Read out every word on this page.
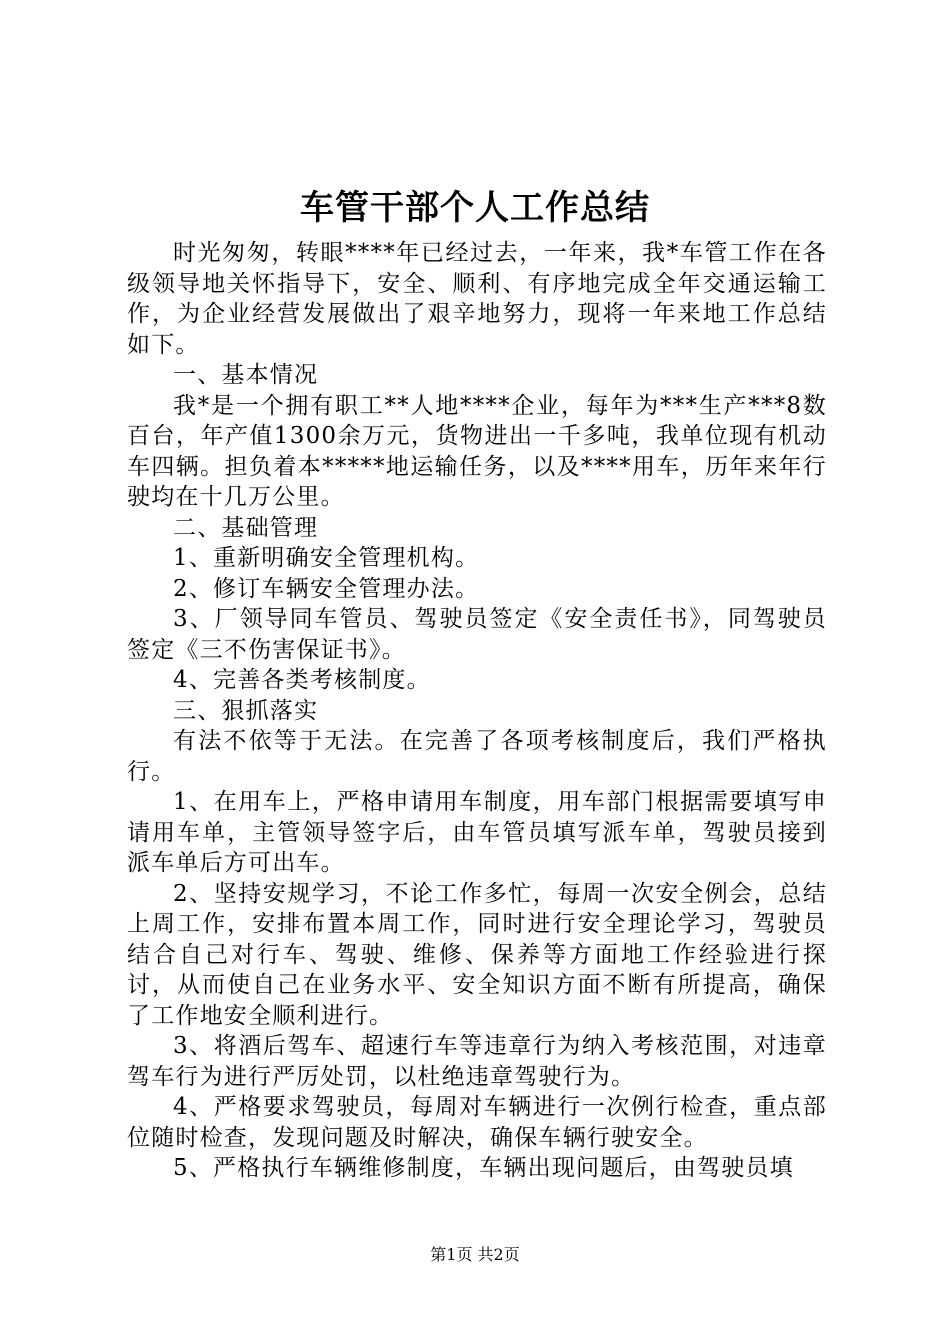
车管干部个人工作总结

时光匆匆，转眼****年已经过去，一年来，我*车管工作在各级领导地关怀指导下，安全、顺利、有序地完成全年交通运输工作，为企业经营发展做出了艰辛地努力，现将一年来地工作总结如下。

一、基本情况

我*是一个拥有职工**人地****企业，每年为***生产***8数百台，年产值1300余万元，货物进出一千多吨，我单位现有机动车四辆。担负着本*****地运输任务，以及****用车，历年来年行驶均在十几万公里。

二、基础管理

1、重新明确安全管理机构。

2、修订车辆安全管理办法。

3、厂领导同车管员、驾驶员签定《安全责任书》，同驾驶员签定《三不伤害保证书》。

4、完善各类考核制度。

三、狠抓落实

有法不依等于无法。在完善了各项考核制度后，我们严格执行。

1、在用车上，严格申请用车制度，用车部门根据需要填写申请用车单，主管领导签字后，由车管员填写派车单，驾驶员接到派车单后方可出车。

2、坚持安规学习，不论工作多忙，每周一次安全例会，总结上周工作，安排布置本周工作，同时进行安全理论学习，驾驶员结合自己对行车、驾驶、维修、保养等方面地工作经验进行探讨，从而使自己在业务水平、安全知识方面不断有所提高，确保了工作地安全顺利进行。

3、将酒后驾车、超速行车等违章行为纳入考核范围，对违章驾车行为进行严厉处罚，以杜绝违章驾驶行为。

4、严格要求驾驶员，每周对车辆进行一次例行检查，重点部位随时检查，发现问题及时解决，确保车辆行驶安全。

5、严格执行车辆维修制度，车辆出现问题后，由驾驶员填

第1页 共2页
